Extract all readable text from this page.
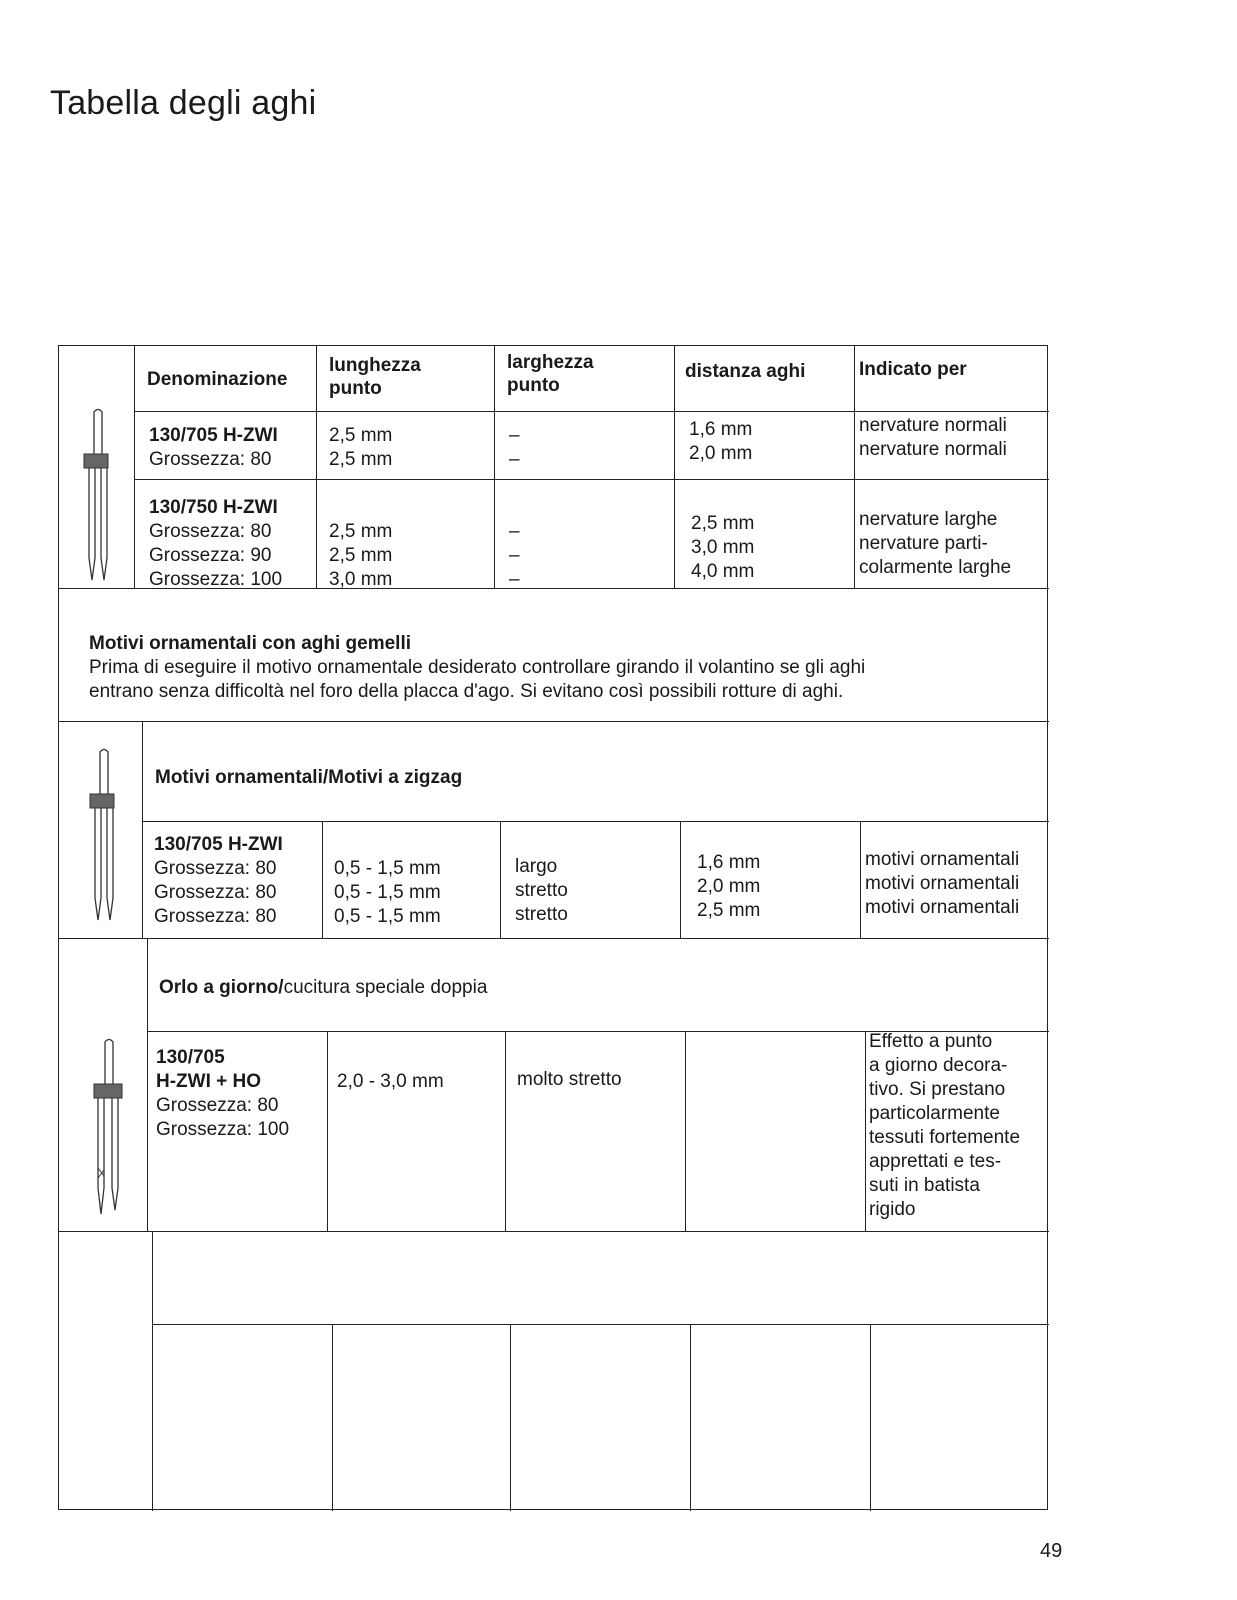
Tabella degli aghi
Denominazione
lunghezza
punto
larghezza
punto
distanza aghi	Indicato per
130/705 H-ZWI
Grossezza: 80
2,5 mm
2,5 mm
–
–
1,6 mm
2,0 mm
nervature normali
nervature normali
130/750 H-ZWI
Grossezza: 80
Grossezza: 90
Grossezza: 100
2,5 mm
2,5 mm
3,0 mm
–
–
–
2,5 mm
3,0 mm
4,0 mm
nervature larghe
nervature parti-
colarmente larghe
Motivi ornamentali con aghi gemelli
Prima di eseguire il motivo ornamentale desiderato controllare girando il volantino se gli aghi
entrano senza difficoltà nel foro della placca d'ago. Si evitano così possibili rotture di aghi.
Motivi ornamentali/Motivi a zigzag
130/705 H-ZWI
Grossezza: 80
Grossezza: 80
Grossezza: 80
0,5 - 1,5 mm
0,5 - 1,5 mm
0,5 - 1,5 mm
largo
stretto
stretto
1,6 mm
2,0 mm
2,5 mm
motivi ornamentali
motivi ornamentali
motivi ornamentali
Orlo a giorno/cucitura speciale doppia
130/705
H-ZWI + HO
Grossezza: 80
Grossezza: 100
2,0 - 3,0 mm	molto stretto
Effetto a punto
a giorno decora-
tivo. Si prestano
particolarmente
tessuti fortemente
apprettati e tes-
suti in batista
rigido
49
